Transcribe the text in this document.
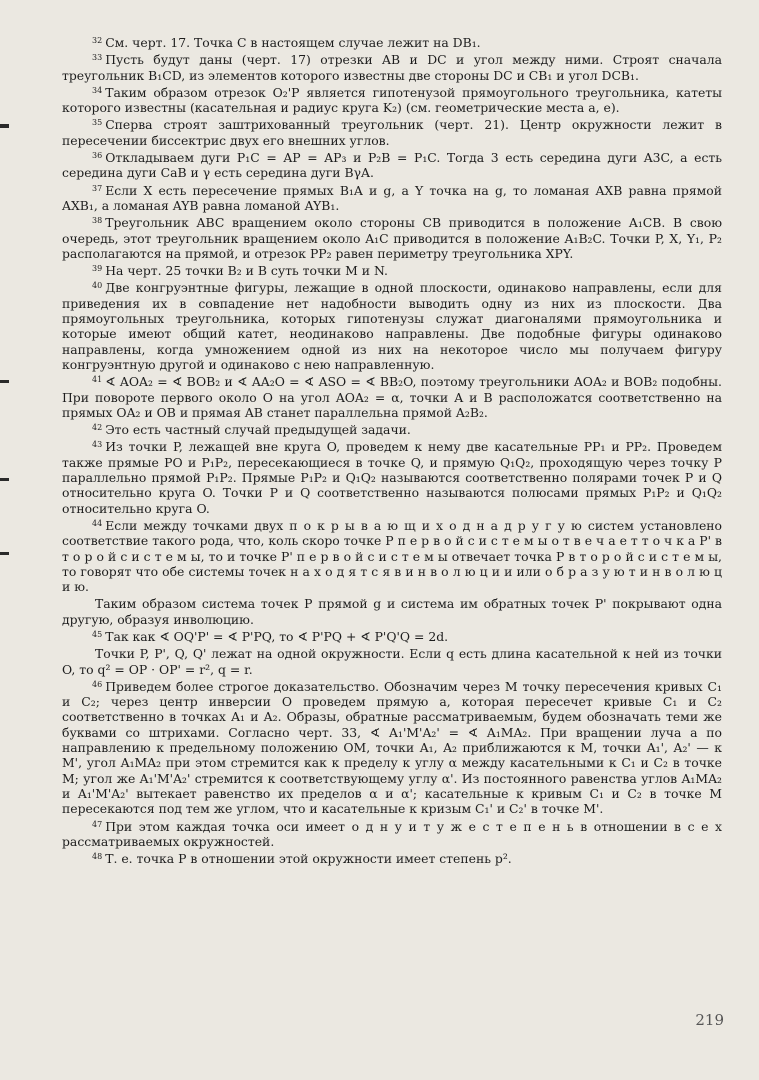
$^{32}$ См. черт. 17. Точка C в настоящем случае лежит на DB₁.

$^{33}$ Пусть будут даны (черт. 17) отрезки AB и DC и угол между ними. Строят сначала треугольник B₁CD, из элементов которого известны две стороны DC и CB₁ и угол DCB₁.

$^{34}$ Таким образом отрезок O₂'P является гипотенузой прямоугольного треугольника, катеты которого известны (касательная и радиус круга K₂) (см. геометрические места a, e).

$^{35}$ Сперва строят заштрихованный треугольник (черт. 21). Центр окружности лежит в пересечении биссектрис двух его внешних углов.

$^{36}$ Откладываем дуги P₁C = AP = AP₃ и P₂B = P₁C. Тогда 3 есть середина дуги A3C, a есть середина дуги CaB и γ есть середина дуги BγA.

$^{37}$ Если X есть пересечение прямых B₁A и g, а Y точка на g, то ломаная AXB равна прямой AXB₁, а ломаная AYB равна ломаной AYB₁.

$^{38}$ Треугольник ABC вращением около стороны CB приводится в положение A₁CB. В свою очередь, этот треугольник вращением около A₁C приводится в положение A₁B₂C. Точки P, X, Y₁, P₂ располагаются на прямой, и отрезок PP₂ равен периметру треугольника XPY.

$^{39}$ На черт. 25 точки B₂ и B суть точки M и N.

$^{40}$ Две конгруэнтные фигуры, лежащие в одной плоскости, одинаково направлены, если для приведения их в совпадение нет надобности выводить одну из них из плоскости. Два прямоугольных треугольника, которых гипотенузы служат диагоналями прямоугольника и которые имеют общий катет, неодинаково направлены. Две подобные фигуры одинаково направлены, когда умножением одной из них на некоторое число мы получаем фигуру конгруэнтную другой и одинаково с нею направленную.

$^{41}$ ∢ AOA₂ = ∢ BOB₂ и ∢ AA₂O = ∢ ASO = ∢ BB₂O, поэтому треугольники AOA₂ и BOB₂ подобны. При повороте первого около O на угол AOA₂ = α, точки A и B расположатся соответственно на прямых OA₂ и OB и прямая AB станет параллельна прямой A₂B₂.

$^{42}$ Это есть частный случай предыдущей задачи.

$^{43}$ Из точки P, лежащей вне круга O, проведем к нему две касательные PP₁ и PP₂. Проведем также прямые PO и P₁P₂, пересекающиеся в точке Q, и прямую Q₁Q₂, проходящую через точку P параллельно прямой P₁P₂. Прямые P₁P₂ и Q₁Q₂ называются соответственно полярами точек P и Q относительно круга O. Точки P и Q соответственно называются полюсами прямых P₁P₂ и Q₁Q₂ относительно круга O.

$^{44}$ Если между точками двух п о к р ы в а ю щ и х о д н а д р у г у ю систем установлено соответствие такого рода, что, коль скоро точке P п е р в о й с и с т е м ы о т в е ч а е т т о ч к а P' в т о р о й с и с т е м ы, то и точке P' п е р в о й с и с т е м ы отвечает точка P в т о р о й с и с т е м ы, то говорят что обе системы точек н а х о д я т с я в и н в о л ю ц и и или о б р а з у ю т и н в о л ю ц и ю.

Таким образом система точек P прямой g и система им обратных точек P' покрывают одна другую, образуя инволюцию.

$^{45}$ Так как ∢ OQ'P' = ∢ P'PQ, то ∢ P'PQ + ∢ P'Q'Q = 2d.

Точки P, P', Q, Q' лежат на одной окружности. Если q есть длина касательной к ней из точки O, то q² = OP · OP' = r², q = r.

$^{46}$ Приведем более строгое доказательство. Обозначим через M точку пересечения кривых C₁ и C₂; через центр инверсии O проведем прямую a, которая пересечет кривые C₁ и C₂ соответственно в точках A₁ и A₂. Образы, обратные рассматриваемым, будем обозначать теми же буквами со штрихами. Согласно черт. 33, ∢ A₁'M'A₂' = ∢ A₁MA₂. При вращении луча a по направлению к предельному положению OM, точки A₁, A₂ приближаются к M, точки A₁', A₂' — к M', угол A₁MA₂ при этом стремится как к пределу к углу α между касательными к C₁ и C₂ в точке M; угол же A₁'M'A₂' стремится к соответствующему углу α'. Из постоянного равенства углов A₁MA₂ и A₁'M'A₂' вытекает равенство их пределов α и α'; касательные к кривым C₁ и C₂ в точке M пересекаются под тем же углом, что и касательные к кризым C₁' и C₂' в точке M'.

$^{47}$ При этом каждая точка оси имеет о д н у и т у ж е с т е п е н ь в отношении в с е х рассматриваемых окружностей.

$^{48}$ Т. е. точка P в отношении этой окружности имеет степень p².

219
